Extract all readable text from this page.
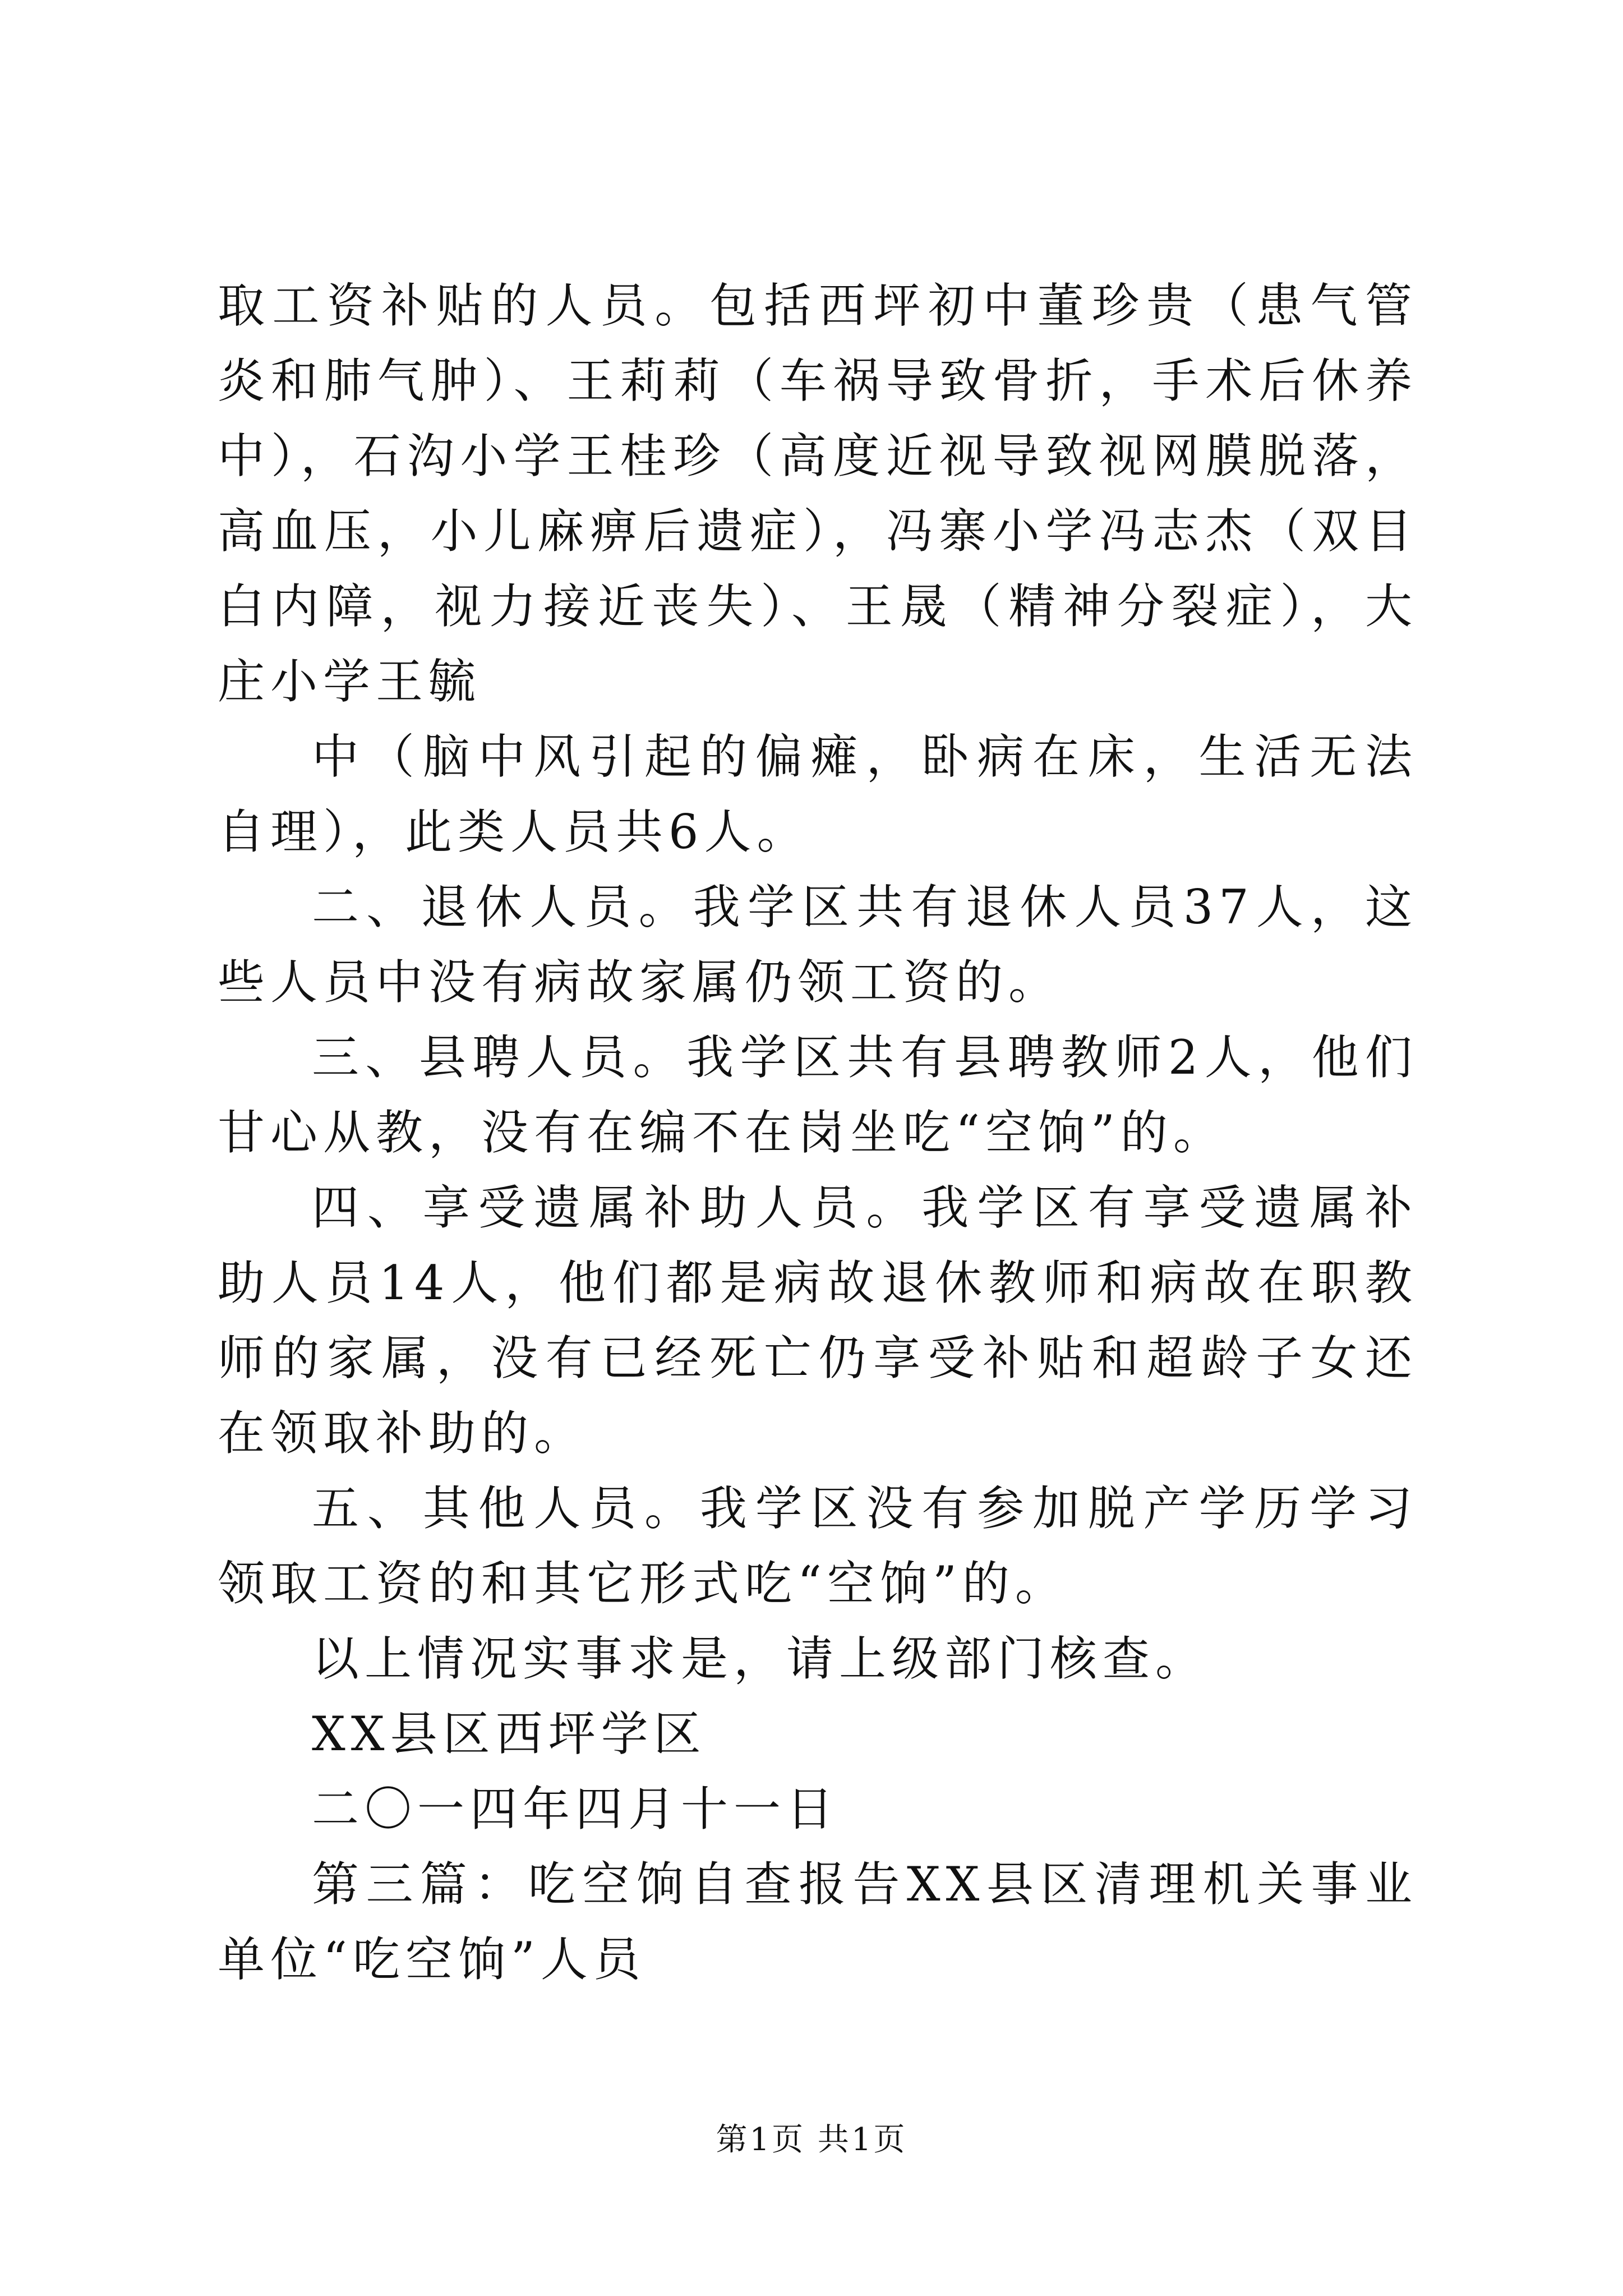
取工资补贴的人员。包括西坪初中董珍贵（患气管炎和肺气肿）、王莉莉（车祸导致骨折，手术后休养中），石沟小学王桂珍（高度近视导致视网膜脱落，高血压，小儿麻痹后遗症），冯寨小学冯志杰（双目白内障，视力接近丧失）、王晟（精神分裂症），大庄小学王毓

中（脑中风引起的偏瘫，卧病在床，生活无法自理），此类人员共6人。

二、退休人员。我学区共有退休人员37人，这些人员中没有病故家属仍领工资的。

三、县聘人员。我学区共有县聘教师2人，他们甘心从教，没有在编不在岗坐吃“空饷”的。

四、享受遗属补助人员。我学区有享受遗属补助人员14人，他们都是病故退休教师和病故在职教师的家属，没有已经死亡仍享受补贴和超龄子女还在领取补助的。

五、其他人员。我学区没有参加脱产学历学习领取工资的和其它形式吃“空饷”的。

以上情况实事求是，请上级部门核查。

XX县区西坪学区

二〇一四年四月十一日

第三篇：吃空饷自查报告XX县区清理机关事业单位“吃空饷”人员

第1页 共1页
